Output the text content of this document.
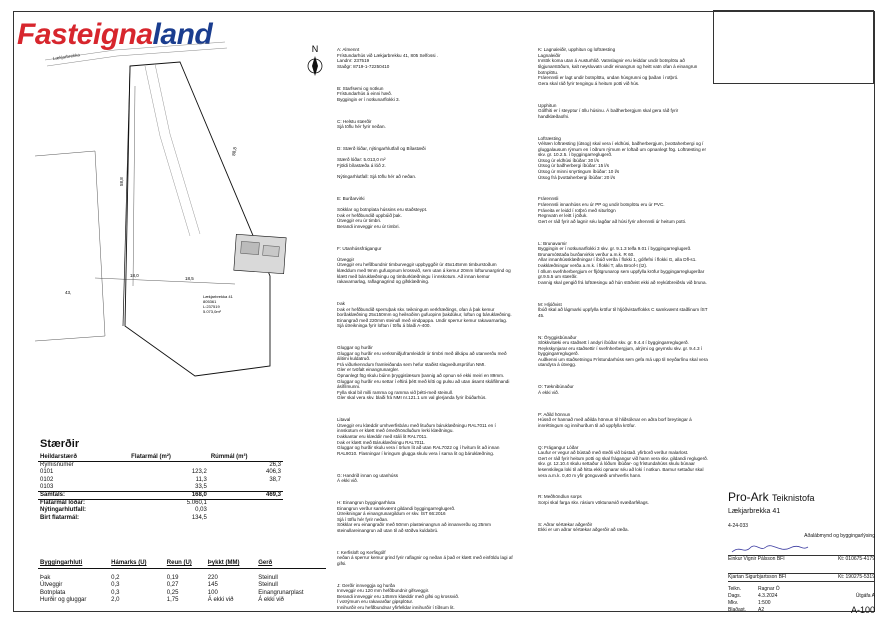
Fasteignaland	N
Lækjarbrekka
43,
58,8
88,8
18,0
18,5
Lækjarbrekka 41 805361 L:237519 5.073,0m²
Stærðir
Heildarstærð	Flatarmál (m²)	Rúmmál (m³)
Rýmisnúmer		26,3
0101	123,2	406,3
0102	11,3	38,7
0103	33,5	
Samtals:	168,0	469,3
Flatarmál lóðar:	5.060,1	
Nýtingarhlutfall:	0,03	
Birt flatarmál:	134,5	
Byggingarhluti	Hámarks (U)	Reun (U)	Þykkt (MM)	Gerð

Þak	0,2	0,19	220	Steinull
Útveggir	0,3	0,27	145	Steinull
Botnplata	0,3	0,25	100	Einangrunarplast
Hurðir og gluggar	2,0	1,75	Á ekki við	Á ekki við

A: Almennt
Frístundarhús við Lækjarbrekku 41, 805 Selfossi .
Landnr: 237519
Staðgr: 8719-1-72250410

B: Starfsemi og notkun
Frístundarhús á einni hæð.
Byggingin er í notkunarflokki 3.

C: Helstu stærðir
Sjá töflu hér fyrir neðan.

D: Stærð lóðar, nýtingarhlutfall og Bílastæði

Stærð lóðar: 5.013,0 m²
Fjöldi bílastæða á lóð 2.

Nýtingarhlutfall: Sjá töflu hér að neðan.

E: Burðarvirki

Sökklar og botnplata hússins eru staðsteypt.
Þak er hefðbundið uppbúið þak.
Útveggir eru úr timbri.
Berandi innveggir eru úr timbri.

F: Utanhússfrágangur

Útveggir
Útveggir eru hefðbundnir timburveggir uppbyggðir úr 45x145mm timburstoðum klæddum með 9mm gufuopnum krossvið, sem utan á kemur 20mm lofturunargrind og klætt með báruklæðningu og timburklæðningu í innskotum. Að innan kemur rakavarnarlag, raflagnagrind og gifsklæðning.

Þak
Þak er hefðbundið sperruþak skv. teikningum verkfræðings, ofan á þak kemur borðaklæðning 25x150mm og heilsoðinn gufuopinn þakdúkur, loftun og báruklæðning. Einangrað með 220mm steinull með vindpappa. Undir sperrur kemur rakavarnarlag.
Sjá útreikninga fyrir loftun í töflu á blaði A-400.

Gluggar og hurðir
Gluggar og hurðir eru verksmiðjuframleiddir úr timbri með álkápu að utanverðu með álitimi kuldatruð.
Frá viðurkenndum framleiðanda sem hefur staðist slagveðursprófun NMI.
Gler er tvöfalt einangrunargler.
Ópnanlegt fög skulu búinn þryggislæsum þannig að opnun sé ekki meiri en 89mm.
Gluggar og hurðir eru settar í eftirá þétt með kítti og pulsu að utan ásamt skálfilmandi ásífilmunni.
Fylla skal bil milli ramma og ramma við þétti-með steinull.
Gler skal vera skv. blaði frá NMI nr.121.1 um val glerjanda fyrir íbúðarhús.

Litaval
Útveggir eru klæddir umhverfisbáru með lituðum báruklæðningu RAL7011 en í innskotum er klætt með ómeðhöndluðum lerki klæðningu.
Þakkantar eru klæddir með stáli lit RAL7011.
Þak er klætt með Báruklæðningu RAL7011.
Gluggar og hurðir skulu vera í örlum lit að utan RAL7022 og í hvítum lit að innan RAL9010. Flasningar í kringum glugga skulu vera í sama lit og báruklæðning.

G: Handrið innan og utanhúss
Á ekki við.

H: Einangrun byggingarhluta
Einangrun verður samkvæmt gildandi byggingarreglugerð.
Útreikningar á einangrunargildum er skv. ÍST 66:2016
Sjá í töflu hér fyrir neðan.
Sökklar eru einangraðir með 50mm plasteinangrun að innanverðu og 25mm steinullareinangrun að utan til að stöðva kuldabrú.

I: Kerfisloft og Kerfisgólf
neðan á sperrur kemur grind fyrir raflagnir og neðan á það er klætt með einföldu lagi af gifsi.

J: Gerðir innveggja og hurða
Innveggir eru 120 mm hefðbundnir gifsveggir.
Berandi innveggir eru 145mm klæddir með gifsi og krossvið.
Í votrýmum eru rakavarðar gipsplötur.
Innihurðir eru hefðbundnar yfirfelldar innihurðir í tíðsum lit.

K: Lagnaleiðir, upphitun og loftræsting
Lagnaleiðir
Inntök koma utan á Austurhlið. Vatnslagnir eru leiddar undir botnplötu að tilgjunarstöðum, kalt neysluvatn undir einangrun og heitt vatn ofan á einangrun botnplötu.
Frárennsli er lagt undir botnplötu, undan húsgrunni og þaðan í rotþró.
Gera skal ráð fyrir tengingu á heitum potti við hús.

Upphitun
Gólfhiti er í steyptur í öllu húsinu. Á baðherbergjum skal gera ráð fyrir handklæðaofni.

Loftræsting
Vélræn loftræsting (útsog) skal vera í eldhúsi, baðherbergjum, þvottaherbergi og í gluggalausum rýmum en í öðrum rýmum er loftað um opnanlegt fög. Loftræsting er skv. gr. 10.2.5. í byggingarreglugerð.
Útsog úr eldhúsi íbúðar: 30 l/s
Útsog úr baðherbergi íbúðar: 15 l/s
Útsog úr minni snyrtingum íbúðar: 10 l/s
Útsog frá þvottaherbergi íbúðar: 20 l/s

Frárennsli
Frárennsli innanhúss eru úr PP og undir botnplötu eru úr PVC.
Fráveita er leidd í rotþró með siturlögn
Regnvatn er leitt í jöðuk.
Gert er ráð fyrir að lagnir séu lagðar að húsi fyrir afrennsli úr heitum potti.

L: Brunavarnir
Byggingin er í notkunarflokki 3 skv. gr. 9.1.3 telfa 9.01 í byggingarreglugerð.
Brunamótstaða burðarvirkis verður a.m.k. R 60.
Allar innanhússklæðningar í íbúð verða í flokki 1, gólfefni í flokki G, alla Dfl-s1. Þakklæðningar verða a.m.k. í flokki T, alla Broof-t (t2).
Í öllum svefnherbergjum er fljótgrunarop sem uppfylla kröfur byggingarreglugerðar gr.9.5.5 um stærðir.
Þannig skal gengið frá loftræsingu að hún stöðvist ekki að reykútbreiðslu við bruna.

M: Hljóðvist
Íbúð skal að lágmarki uppfylla kröfur til hljóðvistarflokks C samkvæmt staðlinum ÍST 45.

N: Öryggisbúnaður
Slökkvitæki eru staðsett í andyri íbúðar skv. gr. 9.4.4 í byggingarreglugerð.
Reykskynjarar eru staðsettir í svefnherbergjum, alrými og geymslu skv. gr. 9.4.3 í byggingarreglugerð.
Auðkenni um staðsetningu Frístundarhúss sem gefa má upp til neyðarlínu skal vera utandyra á útvegg.

O: Tæknibúnaður
Á ekki við.

P: Aðild hönnun
Hússð er hannað með aðilda hönnun til hliðsóknar en aðra borf breytingar á innréttingum og innihurðum til að uppfylla kröfur.

Q: Frágangur Lóðar
Laufur er vegur að bústað með steðli við bústað. yfirborð verður malarlost.
Gert er ráð fyrir heitum potti og skal frágangur við hann vera skv. gildandi reglugerð.
skv. gr. 12.10.4 skulu settaður á lóðum íbúðar- og frístundahúss skulu búnaar lesenskilega loki til að hitta ekki opnarar séu að loki í notkun. Barnur settaður skal vera a.m.k. 0,40 m yfir gönguvæði umhverfis hann.

R: Meðhöndlun sorps
Sorpi skal farga skv. rásium vöktunarvið svæðarfélags.

S: Aðrar sértækar aðgerðir
Ekki er um aðrar sértækar aðgerðir að ræða.

Pro-Ark Teiknistofa
Lækjarbrekka 41
4-24-033
Aðalábmynd og byggingarlýsing
Einkur Vignir Pálsson BFÍ	Kt: 010675-4179
Kjartan Sigurbjartsson BFÍ	Kt: 190275-5319
Teikn.	Ragnar Ó
Dags.	4.3.2024	Útgáfa A
Mkv.	1:500
Blaðast.	A2	A-100
